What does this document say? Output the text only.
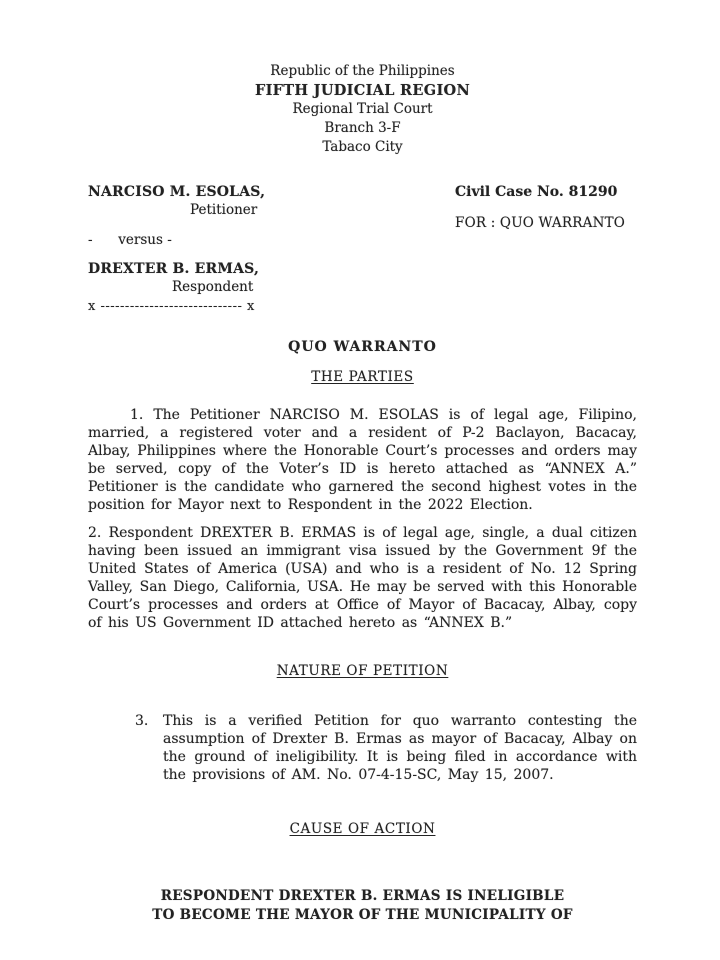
Republic of the Philippines
FIFTH JUDICIAL REGION
Regional Trial Court
Branch 3-F
Tabaco City
NARCISO M. ESOLAS,
Petitioner
-      versus -
DREXTER B. ERMAS,
Respondent
x ----------------------------- x
Civil Case No. 81290
FOR : QUO WARRANTO
QUO WARRANTO
THE PARTIES

1. The Petitioner NARCISO M. ESOLAS is of legal age, Filipino, married, a registered voter and a resident of P-2 Baclayon, Bacacay, Albay, Philippines where the Honorable Court’s processes and orders may be served, copy of the Voter’s ID is hereto attached as “ANNEX A.” Petitioner is the candidate who garnered the second highest votes in the position for Mayor next to Respondent in the 2022 Election.

2. Respondent DREXTER B. ERMAS is of legal age, single, a dual citizen having been issued an immigrant visa issued by the Government 9f the United States of America (USA) and who is a resident of No. 12 Spring Valley, San Diego, California, USA. He may be served with this Honorable Court’s processes and orders at Office of Mayor of Bacacay, Albay, copy of his US Government ID attached hereto as “ANNEX B.”

NATURE OF PETITION
3.	This is a verified Petition for quo warranto contesting the assumption of Drexter B. Ermas as mayor of Bacacay, Albay on the ground of ineligibility. It is being filed in accordance with the provisions of AM. No. 07-4-15-SC, May 15, 2007.
CAUSE OF ACTION
RESPONDENT DREXTER B. ERMAS IS INELIGIBLE TO BECOME THE MAYOR OF THE MUNICIPALITY OF
